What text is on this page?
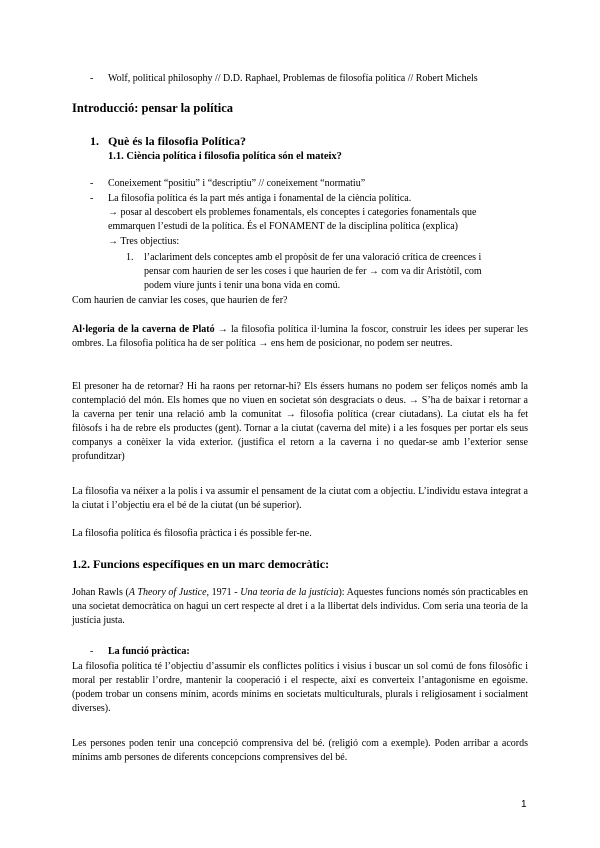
- Wolf, political philosophy // D.D. Raphael, Problemas de filosofía política // Robert Michels
Introducció: pensar la política
1. Què és la filosofia Política?
1.1. Ciència política i filosofia política són el mateix?
- Coneixement “positiu” i “descriptiu” // coneixement “normatiu”
- La filosofia política és la part més antiga i fonamental de la ciència política.
→ posar al descobert els problemes fonamentals, els conceptes i categories fonamentals que
emmarquen l’estudi de la política. És el FONAMENT de la disciplina política (explica)
→ Tres objectius:
1. l’aclariment dels conceptes amb el propòsit de fer una valoració crítica de creences i
pensar com haurien de ser les coses i que haurien de fer → com va dir Aristòtil, com
podem viure junts i tenir una bona vida en comú.
Com haurien de canviar les coses, que haurien de fer?
Al·legoria de la caverna de Plató → la filosofia política il·lumina la foscor, construir les idees per superar les ombres. La filosofia política ha de ser política → ens hem de posicionar, no podem ser neutres.
El presoner ha de retornar? Hi ha raons per retornar-hi? Els éssers humans no podem ser feliços només amb la contemplació del món. Els homes que no viuen en societat són desgraciats o deus. → S’ha de baixar i retornar a la caverna per tenir una relació amb la comunitat → filosofia política (crear ciutadans). La ciutat els ha fet filòsofs i ha de rebre els productes (gent). Tornar a la ciutat (caverna del mite) i a les fosques per portar els seus companys a conèixer la vida exterior. (justifica el retorn a la caverna i no quedar-se amb l’exterior sense profunditzar)
La filosofia va néixer a la polis i va assumir el pensament de la ciutat com a objectiu. L’individu estava integrat a la ciutat i l’objectiu era el bé de la ciutat (un bé superior).
La filosofia política és filosofia pràctica i és possible fer-ne.
1.2. Funcions específiques en un marc democràtic:
Johan Rawls (A Theory of Justice, 1971 - Una teoria de la justícia): Aquestes funcions només són practicables en una societat democràtica on hagui un cert respecte al dret i a la llibertat dels individus. Com seria una teoria de la justícia justa.
- La funció pràctica:
La filosofia política té l’objectiu d’assumir els conflictes polítics i visius i buscar un sol comú de fons filosòfic i moral per restablir l’ordre, mantenir la cooperació i el respecte, així es converteix l’antagonisme en egoisme. (podem trobar un consens mínim, acords mínims en societats multiculturals, plurals i religiosament i socialment diverses).
Les persones poden tenir una concepció comprensiva del bé. (religió com a exemple). Poden arribar a acords mínims amb persones de diferents concepcions comprensives del bé.
1
